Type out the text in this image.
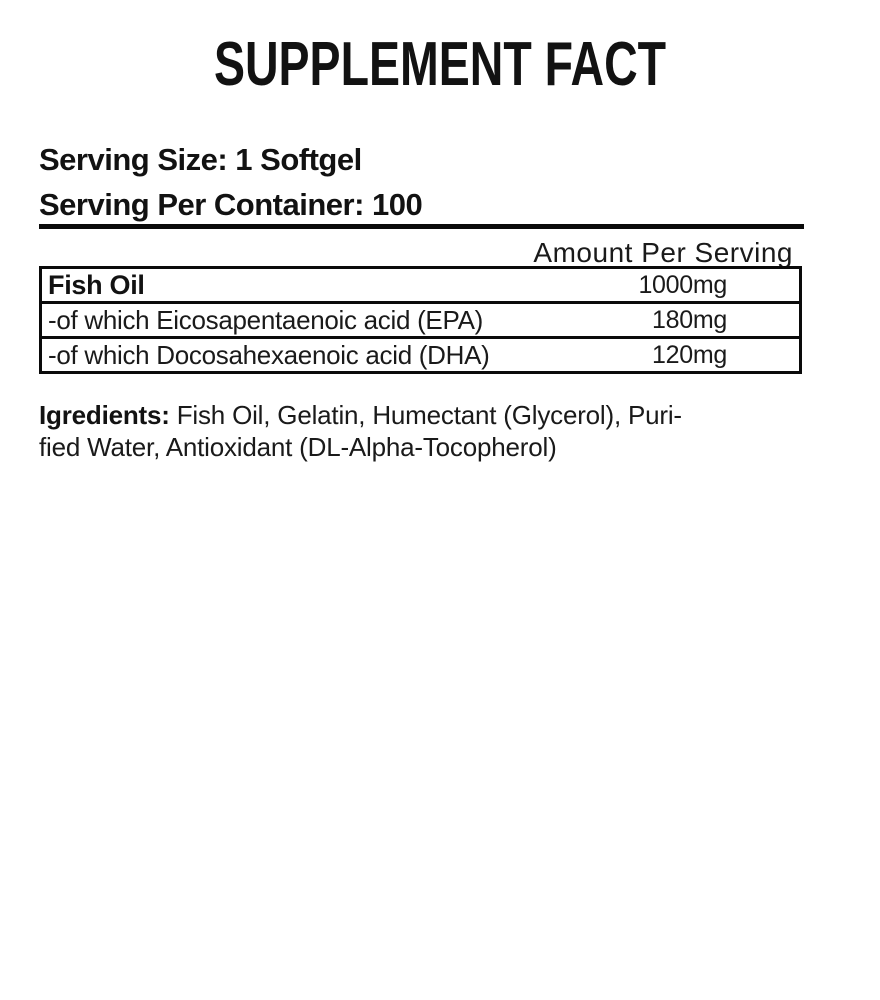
SUPPLEMENT FACT
Serving Size: 1 Softgel
Serving Per Container: 100
Amount Per Serving
Fish Oil	1000mg
-of which Eicosapentaenoic acid (EPA)	180mg
-of which Docosahexaenoic acid (DHA)	120mg
Igredients: Fish Oil, Gelatin, Humectant (Glycerol), Puri-
fied Water, Antioxidant (DL-Alpha-Tocopherol)
